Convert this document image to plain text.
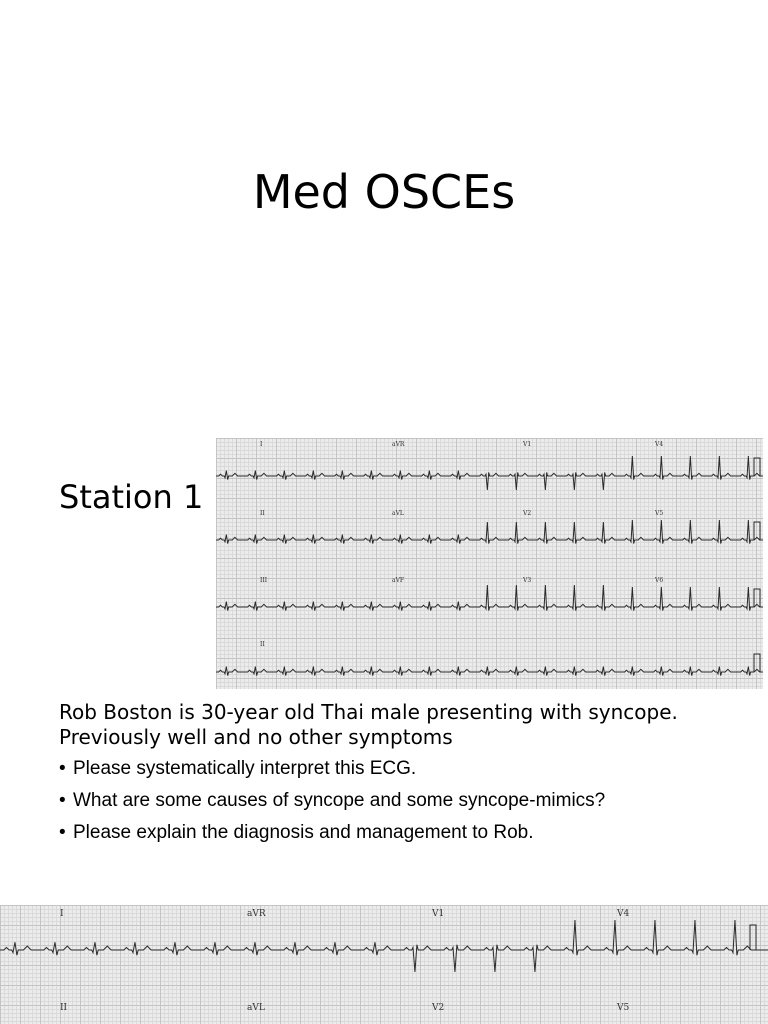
Med OSCEs
Station 1
I	aVR	V1	V4
II	aVL	V2	V5
III	aVF	V3	V6
II
Rob Boston is 30-year old Thai male presenting with syncope. Previously well and no other symptoms
• Please systematically interpret this ECG.
• What are some causes of syncope and some syncope-mimics?
• Please explain the diagnosis and management to Rob.
I	aVR	V1	V4
II	aVL	V2	V5
